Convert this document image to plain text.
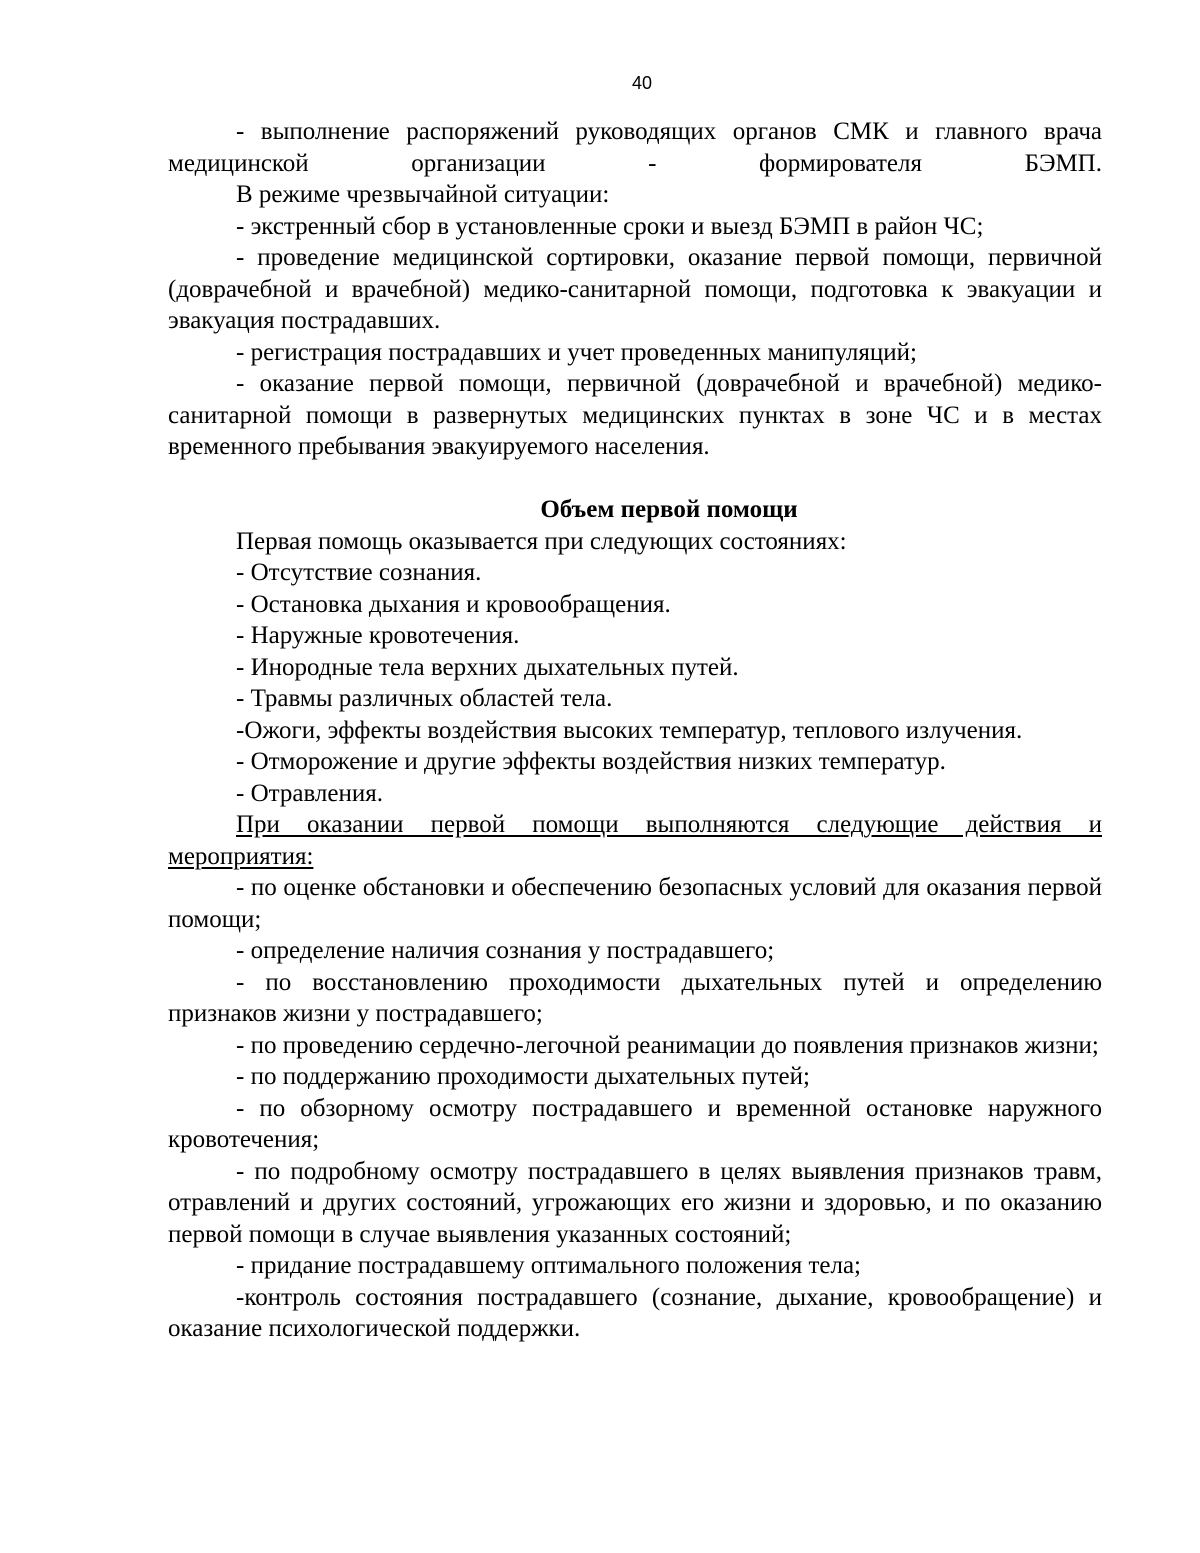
40

- выполнение распоряжений руководящих органов СМК и главного врача медицинской организации - формирователя БЭМП.

В режиме чрезвычайной ситуации:

- экстренный сбор в установленные сроки и выезд БЭМП в район ЧС;

- проведение медицинской сортировки, оказание первой помощи, первичной (доврачебной и врачебной) медико-санитарной помощи, подготовка к эвакуации и эвакуация пострадавших.

- регистрация пострадавших и учет проведенных манипуляций;

- оказание первой помощи, первичной (доврачебной и врачебной) медико-санитарной помощи в развернутых медицинских пунктах в зоне ЧС и в местах временного пребывания эвакуируемого населения.

Объем первой помощи

Первая помощь оказывается при следующих состояниях:

- Отсутствие сознания.

- Остановка дыхания и кровообращения.

- Наружные кровотечения.

- Инородные тела верхних дыхательных путей.

- Травмы различных областей тела.

-Ожоги, эффекты воздействия высоких температур, теплового излучения.

- Отморожение и другие эффекты воздействия низких температур.

- Отравления.

При оказании первой помощи выполняются следующие действия и мероприятия:

- по оценке обстановки и обеспечению безопасных условий для оказания первой помощи;

- определение наличия сознания у пострадавшего;

- по восстановлению проходимости дыхательных путей и определению признаков жизни у пострадавшего;

- по проведению сердечно-легочной реанимации до появления признаков жизни;

- по поддержанию проходимости дыхательных путей;

- по обзорному осмотру пострадавшего и временной остановке наружного кровотечения;

- по подробному осмотру пострадавшего в целях выявления признаков травм, отравлений и других состояний, угрожающих его жизни и здоровью, и по оказанию первой помощи в случае выявления указанных состояний;

- придание пострадавшему оптимального положения тела;

-контроль состояния пострадавшего (сознание, дыхание, кровообращение) и оказание психологической поддержки.
